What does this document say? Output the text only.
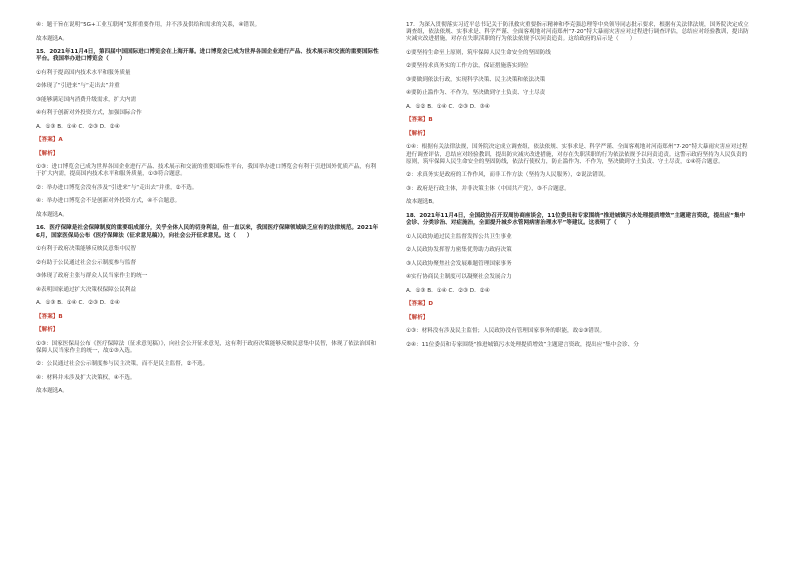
④：题干旨在说明“5G+工业互联网”发挥重要作用，并不涉及供给和需求的关系，④错误。
故本题选A。
15．2021年11月4日，第四届中国国际进口博览会在上海开幕。进口博览会已成为世界各国企业进行产品、技术展示和交流的重要国际性平台。我国举办进口博览会（　　）
①有利于提高国内技术水平和服务质量
②体现了“引进来”与“走出去”并重
③能够满足国内消费升级需求，扩大内需
④有利于创新对外投资方式，加强国际合作
A．①③ B．①④ C．②③ D．②④
【答案】A
【解析】
①③：进口博览会已成为世界各国企业进行产品、技术展示和交流的重要国际性平台，我国举办进口博览会有利于引进国外优质产品，有利于扩大内需，提高国内技术水平和服务质量，①③符合题意。
②：举办进口博览会没有涉及“引进来”与“走出去”并重，②不选。
④：举办进口博览会不是创新对外投资方式，④不合题意。
故本题选A。
16．医疗保障是社会保障制度的重要组成部分，关乎全体人民的切身利益，但一直以来，我国医疗保障领域缺乏应有的法律规范。2021年6月，国家医保局公布《医疗保障法（征求意见稿）》，向社会公开征求意见。这（　　）
①有利于政府决策能够反映民意集中民智
②有助于公民通过社会公示制度参与监督
③体现了政府主张与群众人民当家作主的统一
④表明国家通过扩大决策权保障公民利益
A．①③ B．①④ C．②③ D．②④
【答案】B
【解析】
①③：国家医保局公布《医疗保障法（征求意见稿）》，向社会公开征求意见，这有利于政府决策能够反映民意集中民智，体现了依法治国和保障人民当家作主的统一，故①③入选。
②：公民通过社会公示制度参与民主决策，而不是民主监督，②不选。
④：材料并未涉及扩大决策权，④不选。
故本题选A。
17．为深入贯彻落实习近平总书记关于防汛救灾重要指示精神和李克强总理等中央领导同志批示要求，根据有关法律法规，国务院决定成立调查组，依法依规、实事求是、科学严谨、全面客观地对河南郑州“7·20”特大暴雨灾害应对过程进行调查评估，总结应对经验教训，提出防灾减灾改进措施，对存在失职渎职的行为依法依规予以问责追责。这给政府的启示是（　　）
①要坚持生命至上原则，筑牢保障人民生命安全的坚固防线
②要坚持求真务实的工作方法，保证措施落实到位
③要做到依法行政，实现科学决策、民主决策和依法决策
④要防止滥作为、不作为，坚决做到守土负责、守土尽责
A．①② B．①④ C．②③ D．③④
【答案】B
【解析】
①④：根据有关法律法规，国务院决定成立调查组，依法依规、实事求是、科学严谨、全面客观地对河南郑州“7·20”特大暴雨灾害应对过程进行调查评估，总结应对经验教训，提出防灾减灾改进措施，对存在失职渎职的行为依法依规予以问责追责。这警示政府坚持为人民负责的原则，筑牢保障人民生命安全的坚固防线，依法行使权力，防止滥作为、不作为，坚决做到守土负责、守土尽责，①④符合题意。
②：求真务实是政府的工作作风，而非工作方法（坚持为人民服务），②说法错误。
③：政府是行政主体，并非决策主体（中国共产党），③不合题意。
故本题选B。
18．2021年11月4日，全国政协召开双周协商座谈会，11位委员和专家围绕“推进城镇污水处理提质增效”主题建言资政，提出应“集中会诊、分类诊治、对症施治，全面提升城乡水管网病害治理水平”等建议。这表明了（　　）
①人民政协通过民主监督发挥公共卫生事业
②人民政协发挥智力密集优势助力政府决策
③人民政协聚焦社会发展难题管理国家事务
④实行协商民主制度可以凝聚社会发展合力
A．①③ B．①④ C．②③ D．②④
【答案】D
【解析】
①③：材料没有涉及民主监督；人民政协没有管理国家事务的职能，故①③错误。
②④：11位委员和专家围绕“推进城镇污水处理提质增效”主题建言资政，提出应“集中会诊、分
